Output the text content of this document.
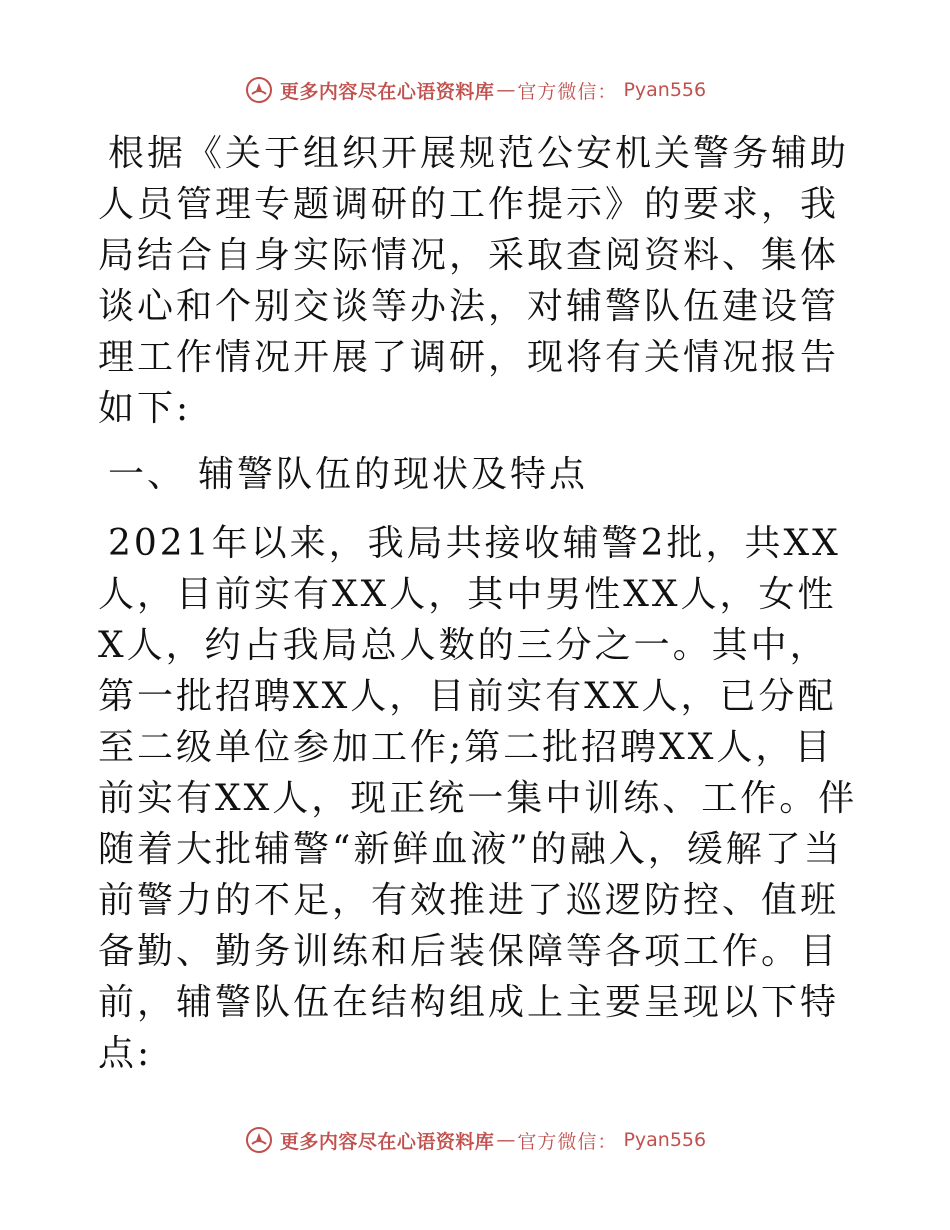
更多内容尽在心语资料库 — 官方微信： Pyan556

根据《关于组织开展规范公安机关警务辅助人员管理专题调研的工作提示》的要求，我局结合自身实际情况，采取查阅资料、集体谈心和个别交谈等办法，对辅警队伍建设管理工作情况开展了调研，现将有关情况报告如下:

一、 辅警队伍的现状及特点

2021年以来，我局共接收辅警2批，共XX人，目前实有XX人，其中男性XX人，女性X人，约占我局总人数的三分之一。其中，第一批招聘XX人，目前实有XX人，已分配至二级单位参加工作;第二批招聘XX人，目前实有XX人，现正统一集中训练、工作。伴随着大批辅警“新鲜血液”的融入，缓解了当前警力的不足，有效推进了巡逻防控、值班备勤、勤务训练和后装保障等各项工作。目前，辅警队伍在结构组成上主要呈现以下特点:

更多内容尽在心语资料库 — 官方微信： Pyan556
